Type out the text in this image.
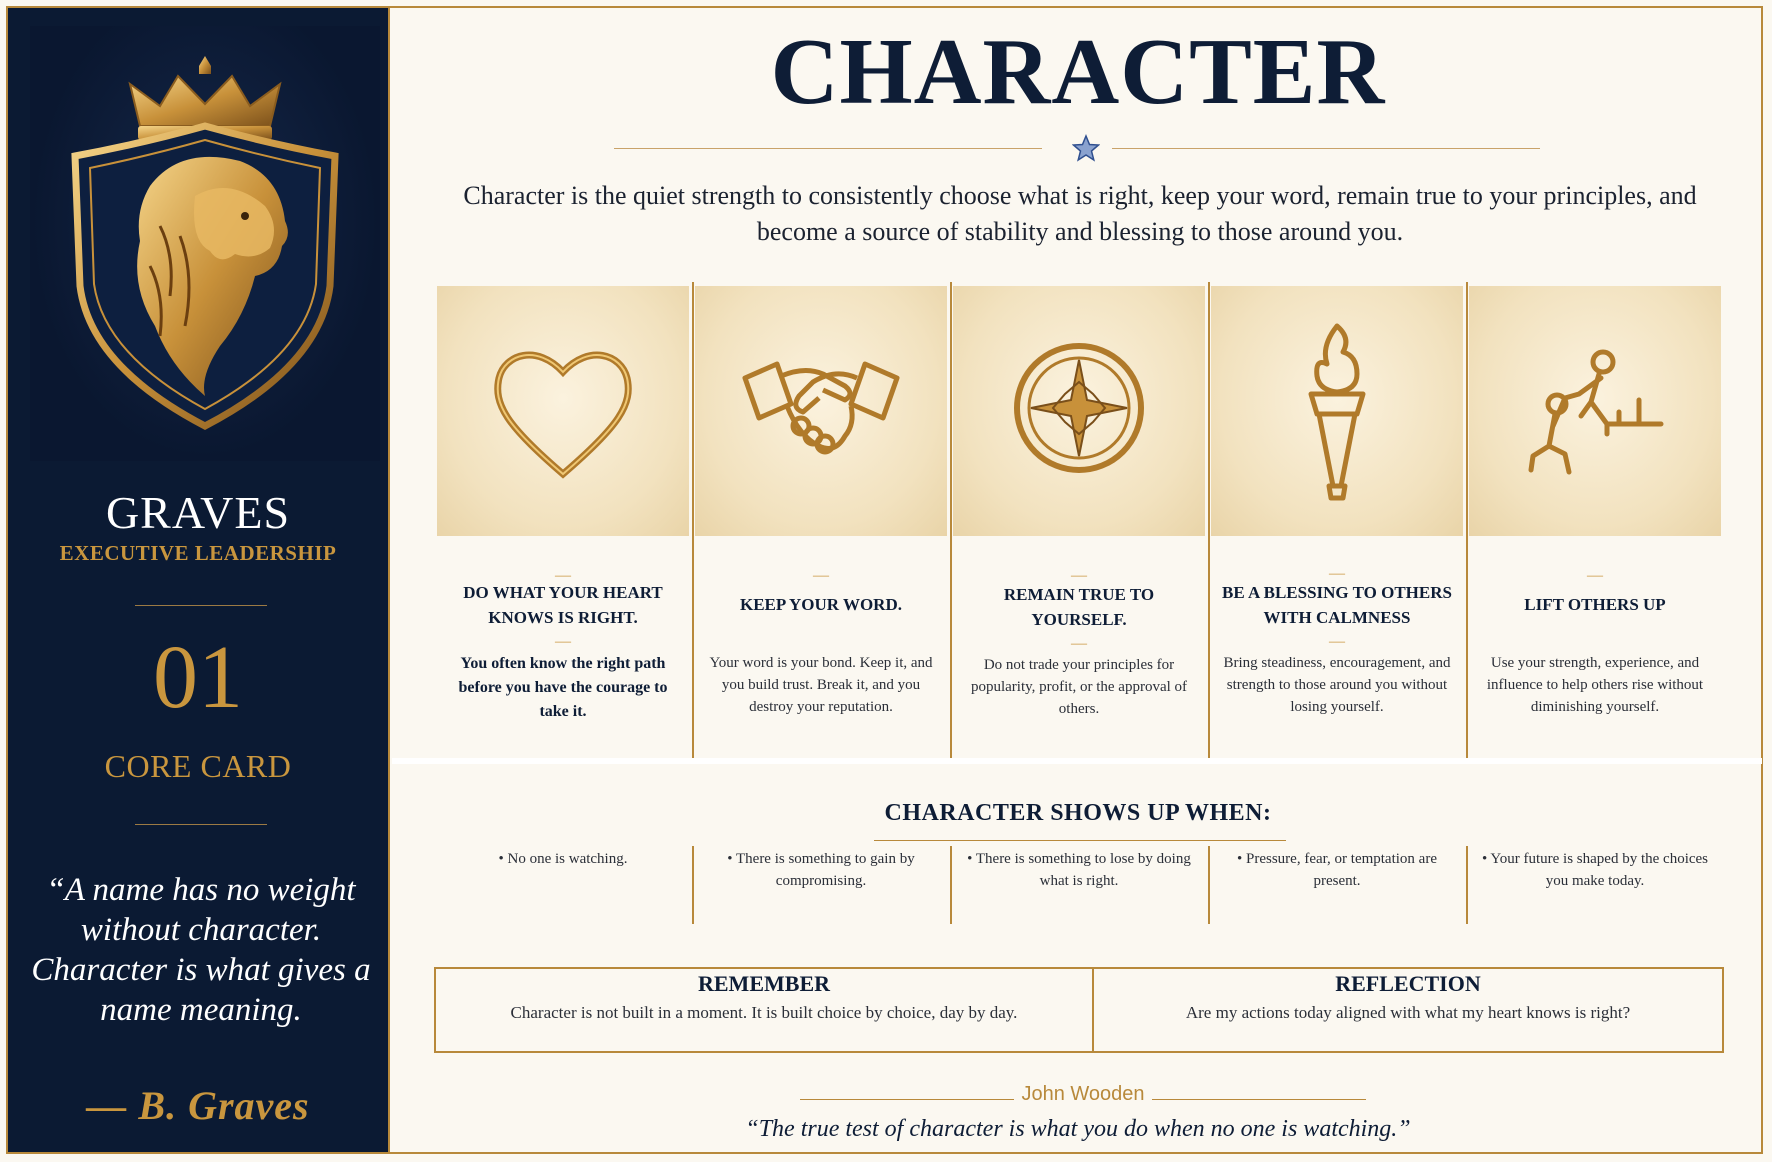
GRAVES
EXECUTIVE LEADERSHIP
01
CORE CARD
“A name has no weight without character. Character is what gives a name meaning.
— B. Graves
CHARACTER
Character is the quiet strength to consistently choose what is right, keep your word, remain true to your principles, and become a source of stability and blessing to those around you.
—
DO WHAT YOUR HEART KNOWS IS RIGHT.
—
You often know the right path before you have the courage to take it.
—
KEEP YOUR WORD.
Your word is your bond. Keep it, and you build trust. Break it, and you destroy your reputation.
—
REMAIN TRUE TO YOURSELF.
—
Do not trade your principles for popularity, profit, or the approval of others.
—
BE A BLESSING TO OTHERS WITH CALMNESS
—
Bring steadiness, encouragement, and strength to those around you without losing yourself.
—
LIFT OTHERS UP
Use your strength, experience, and influence to help others rise without diminishing yourself.
CHARACTER SHOWS UP WHEN:
• No one is watching.	• There is something to gain by compromising.
• There is something to lose by doing what is right.
• Pressure, fear, or temptation are present.
• Your future is shaped by the choices you make today.
REMEMBER
Character is not built in a moment. It is built choice by choice, day by day.
REFLECTION
Are my actions today aligned with what my heart knows is right?
John Wooden
“The true test of character is what you do when no one is watching.”
